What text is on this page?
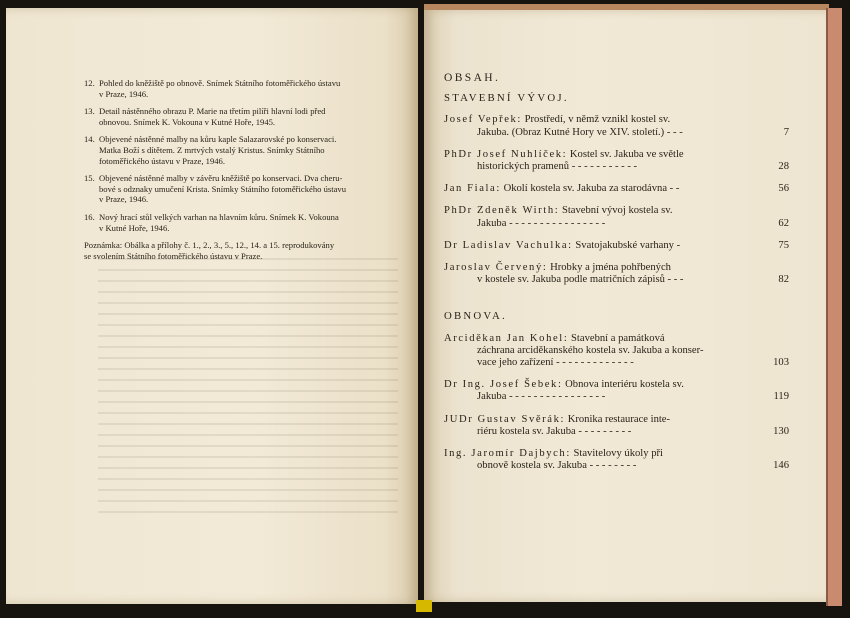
12. Pohled do kněžiště po obnově. Snímek Státního fotoměřického ústavu
v Praze, 1946.
13. Detail nástěnného obrazu P. Marie na třetím pilíři hlavní lodi před
obnovou. Snímek K. Vokouna v Kutné Hoře, 1945.
14. Objevené nástěnné malby na kůru kaple Salazarovské po konservaci.
Matka Boží s dítětem. Z mrtvých vstalý Kristus. Snímky Státního
fotoměřického ústavu v Praze, 1946.
15. Objevené nástěnné malby v závěru kněžiště po konservaci. Dva cheru-
bové s odznaky umučení Krista. Snímky Státního fotoměřického ústavu
v Praze, 1946.
16. Nový hrací stůl velkých varhan na hlavním kůru. Snímek K. Vokouna
v Kutné Hoře, 1946.
Poznámka: Obálka a přílohy č. 1., 2., 3., 5., 12., 14. a 15. reprodukovány
se svolením Státního fotoměřického ústavu v Praze.
OBSAH.
STAVEBNÍ VÝVOJ.
Josef Vepřek: Prostředí, v němž vznikl kostel sv.
Jakuba. (Obraz Kutné Hory ve XIV. století.) - - -	7
PhDr Josef Nuhlíček: Kostel sv. Jakuba ve světle
historických pramenů - - - - - - - - - - -	28
Jan Fiala: Okolí kostela sv. Jakuba za starodávna - -	56
PhDr Zdeněk Wirth: Stavební vývoj kostela sv.
Jakuba - - - - - - - - - - - - - - - -	62
Dr Ladislav Vachulka: Svatojakubské varhany -	75
Jaroslav Červený: Hrobky a jména pohřbených
v kostele sv. Jakuba podle matričních zápisů - - -	82
OBNOVA.
Arciděkan Jan Kohel: Stavební a památková
záchrana arciděkanského kostela sv. Jakuba a konser-
vace jeho zařízení - - - - - - - - - - - - -	103
Dr Ing. Josef Šebek: Obnova interiéru kostela sv.
Jakuba - - - - - - - - - - - - - - - -	119
JUDr Gustav Svěrák: Kronika restaurace inte-
riéru kostela sv. Jakuba - - - - - - - - -	130
Ing. Jaromír Dajbych: Stavitelovy úkoly při
obnově kostela sv. Jakuba - - - - - - - -	146
